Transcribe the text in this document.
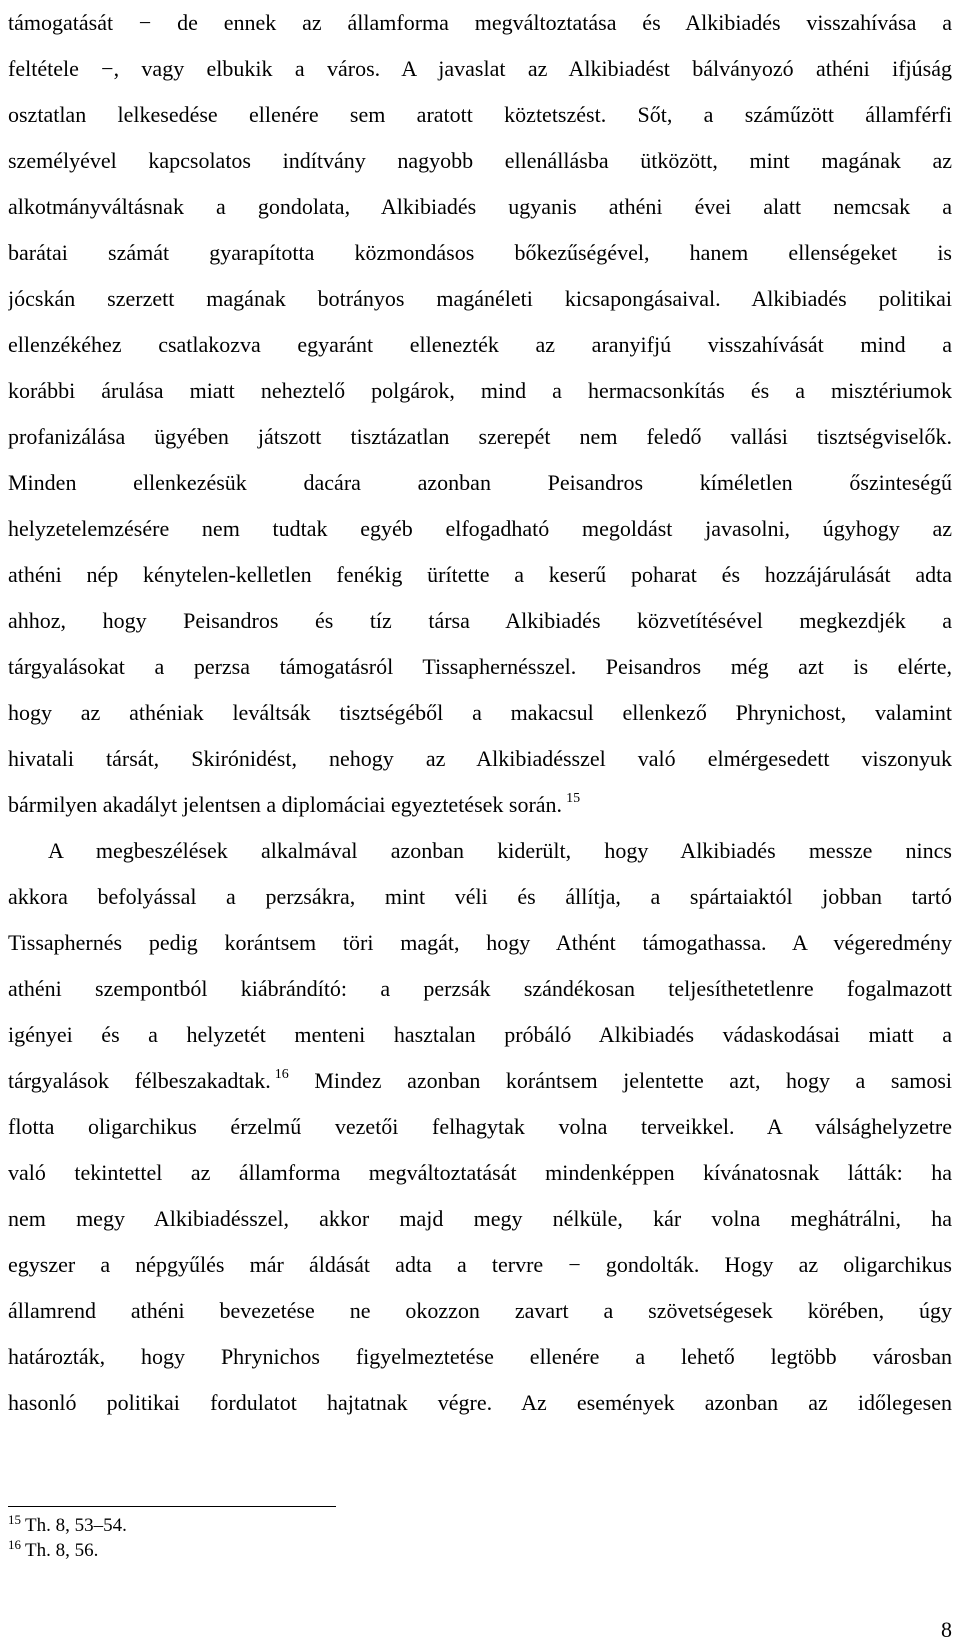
támogatását − de ennek az államforma megváltoztatása és Alkibiadés visszahívása a
feltétele −, vagy elbukik a város. A javaslat az Alkibiadést bálványozó athéni ifjúság
osztatlan lelkesedése ellenére sem aratott köztetszést. Sőt, a száműzött államférfi
személyével kapcsolatos indítvány nagyobb ellenállásba ütközött, mint magának az
alkotmányváltásnak a gondolata, Alkibiadés ugyanis athéni évei alatt nemcsak a
barátai számát gyarapította közmondásos bőkezűségével, hanem ellenségeket is
jócskán szerzett magának botrányos magánéleti kicsapongásaival. Alkibiadés politikai
ellenzékéhez csatlakozva egyaránt ellenezték az aranyifjú visszahívását mind a
korábbi árulása miatt neheztelő polgárok, mind a hermacsonkítás és a misztériumok
profanizálása ügyében játszott tisztázatlan szerepét nem feledő vallási tisztségviselők.
Minden ellenkezésük dacára azonban Peisandros kíméletlen őszinteségű
helyzetelemzésére nem tudtak egyéb elfogadható megoldást javasolni, úgyhogy az
athéni nép kénytelen-kelletlen fenékig ürítette a keserű poharat és hozzájárulását adta
ahhoz, hogy Peisandros és tíz társa Alkibiadés közvetítésével megkezdjék a
tárgyalásokat a perzsa támogatásról Tissaphernésszel. Peisandros még azt is elérte,
hogy az athéniak leváltsák tisztségéből a makacsul ellenkező Phrynichost, valamint
hivatali társát, Skirónidést, nehogy az Alkibiadésszel való elmérgesedett viszonyuk
bármilyen akadályt jelentsen a diplomáciai egyeztetések során. $^{15}$
A megbeszélések alkalmával azonban kiderült, hogy Alkibiadés messze nincs
akkora befolyással a perzsákra, mint véli és állítja, a spártaiaktól jobban tartó
Tissaphernés pedig korántsem töri magát, hogy Athént támogathassa. A végeredmény
athéni szempontból kiábrándító: a perzsák szándékosan teljesíthetetlenre fogalmazott
igényei és a helyzetét menteni hasztalan próbáló Alkibiadés vádaskodásai miatt a
tárgyalások félbeszakadtak. $^{16}$ Mindez azonban korántsem jelentette azt, hogy a samosi
flotta oligarchikus érzelmű vezetői felhagytak volna terveikkel. A válsághelyzetre
való tekintettel az államforma megváltoztatását mindenképpen kívánatosnak látták: ha
nem megy Alkibiadésszel, akkor majd megy nélküle, kár volna meghátrálni, ha
egyszer a népgyűlés már áldását adta a tervre − gondolták. Hogy az oligarchikus
államrend athéni bevezetése ne okozzon zavart a szövetségesek körében, úgy
határozták, hogy Phrynichos figyelmeztetése ellenére a lehető legtöbb városban
hasonló politikai fordulatot hajtatnak végre. Az események azonban az időlegesen
$^{15}$ Th. 8, 53–54.
$^{16}$ Th. 8, 56.
8
